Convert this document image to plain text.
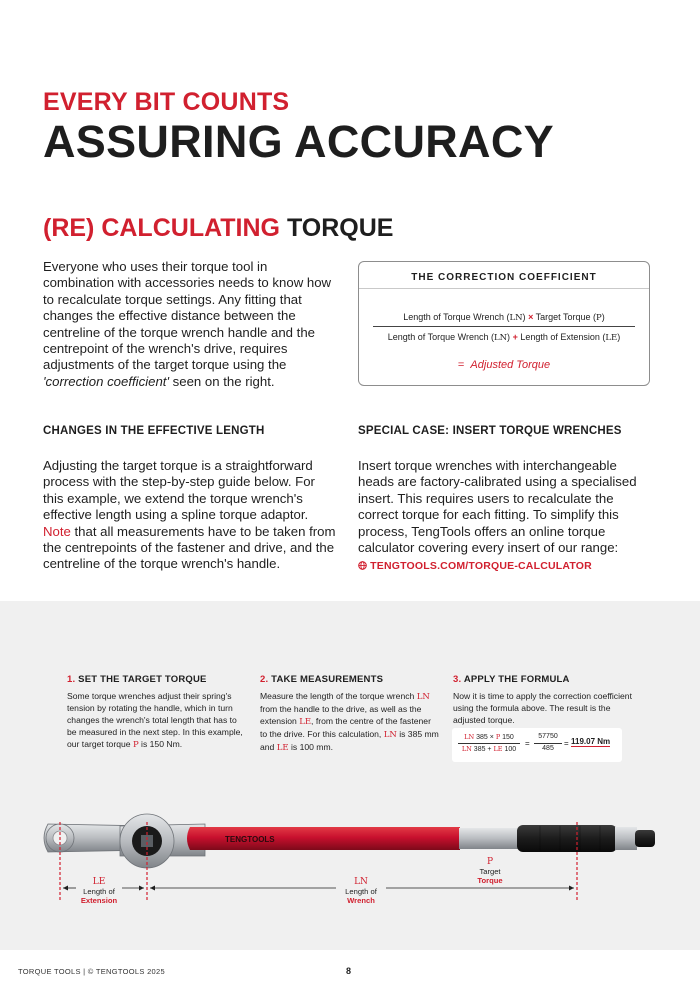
EVERY BIT COUNTS
ASSURING ACCURACY
(RE) CALCULATING TORQUE
Everyone who uses their torque tool in combination with accessories needs to know how to recalculate torque settings. Any fitting that changes the effective distance between the centreline of the torque wrench handle and the centrepoint of the wrench's drive, requires adjustments of the target torque using the 'correction coefficient' seen on the right.
THE CORRECTION COEFFICIENT
Length of Torque Wrench (LN) × Target Torque (P)
Length of Torque Wrench (LN) + Length of Extension (LE)
= Adjusted Torque
CHANGES IN THE EFFECTIVE LENGTH
Adjusting the target torque is a straightforward process with the step-by-step guide below. For this example, we extend the torque wrench's effective length using a spline torque adaptor. Note that all measurements have to be taken from the centrepoints of the fastener and drive, and the centreline of the torque wrench's handle.
SPECIAL CASE: INSERT TORQUE WRENCHES
Insert torque wrenches with interchangeable heads are factory-calibrated using a specialised insert. This requires users to recalculate the correct torque for each fitting. To simplify this process, TengTools offers an online torque calculator covering every insert of our range:
TENGTOOLS.COM/TORQUE-CALCULATOR
1. SET THE TARGET TORQUE

Some torque wrenches adjust their spring's tension by rotating the handle, which in turn changes the wrench's total length that has to be measured in the next step. In this example, our target torque P is 150 Nm.

2. TAKE MEASUREMENTS

Measure the length of the torque wrench LN from the handle to the drive, as well as the extension LE, from the centre of the fastener to the drive. For this calculation, LN is 385 mm and LE is 100 mm.

3. APPLY THE FORMULA

Now it is time to apply the correction coefficient using the formula above. The result is the adjusted torque.

LN 385 × P 150
LN 385 + LE 100
=
57750
485
= 119.07 Nm
TENGTOOLS
LE
Length of
Extension
LN
Length of
Wrench
P
Target
Torque
TORQUE TOOLS | © TENGTOOLS 2025	8
